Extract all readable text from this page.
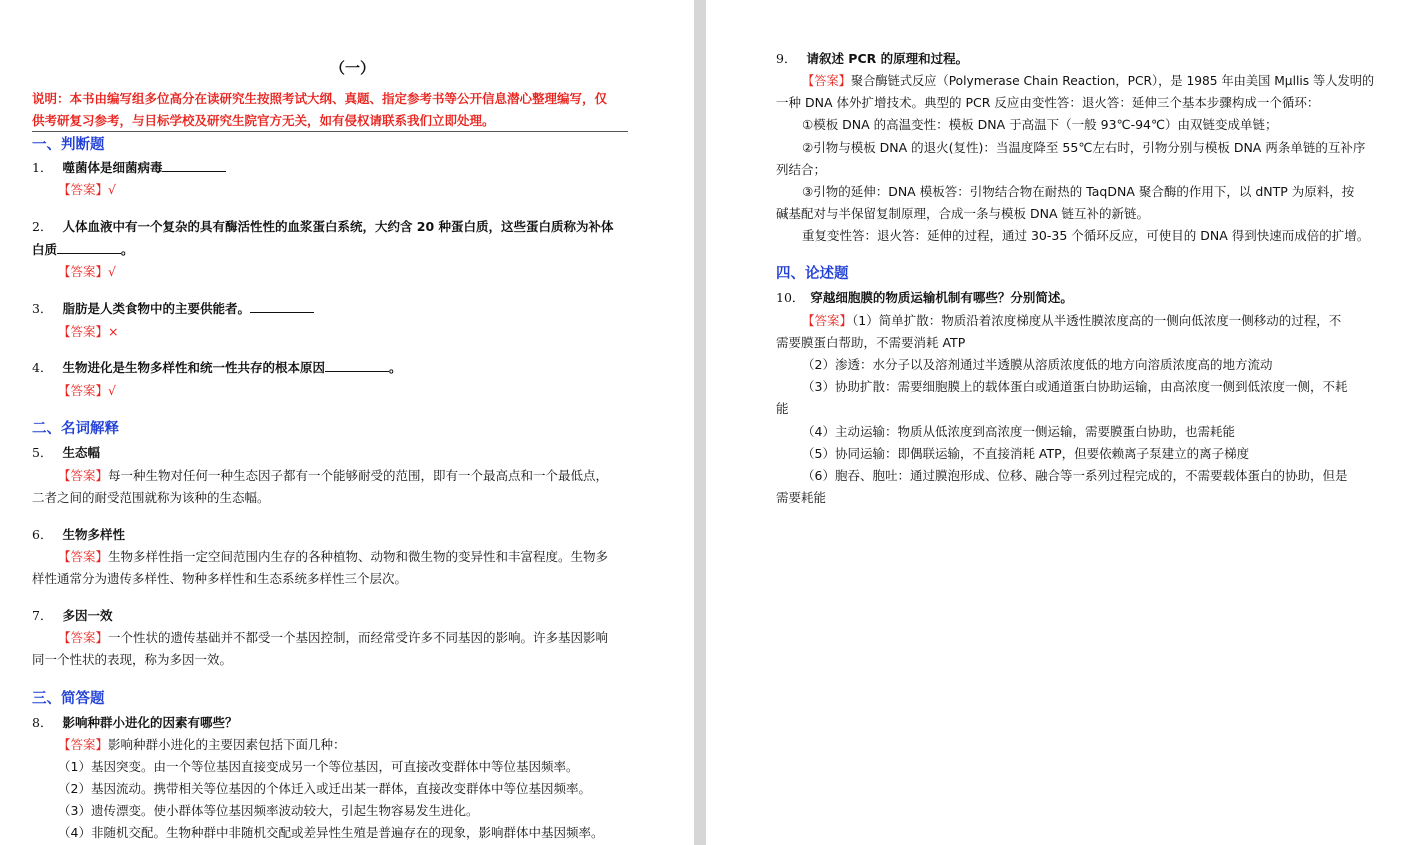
（一）
说明：本书由编写组多位高分在读研究生按照考试大纲、真题、指定参考书等公开信息潜心整理编写，仅
供考研复习参考，与目标学校及研究生院官方无关，如有侵权请联系我们立即处理。
一、判断题
1． 噬菌体是细菌病毒
【答案】√
2． 人体血液中有一个复杂的具有酶活性性的血浆蛋白系统，大约含 20 种蛋白质，这些蛋白质称为补体
白质	。
【答案】√
3． 脂肪是人类食物中的主要供能者。
【答案】×
4． 生物进化是生物多样性和统一性共存的根本原因	。
【答案】√
二、名词解释
5． 生态幅
【答案】每一种生物对任何一种生态因子都有一个能够耐受的范围，即有一个最高点和一个最低点，
二者之间的耐受范围就称为该种的生态幅。
6． 生物多样性
【答案】生物多样性指一定空间范围内生存的各种植物、动物和微生物的变异性和丰富程度。生物多
样性通常分为遗传多样性、物种多样性和生态系统多样性三个层次。
7． 多因一效
【答案】一个性状的遗传基础并不都受一个基因控制，而经常受许多不同基因的影响。许多基因影响
同一个性状的表现，称为多因一效。
三、简答题
8． 影响种群小进化的因素有哪些？
【答案】影响种群小进化的主要因素包括下面几种：
（1）基因突变。由一个等位基因直接变成另一个等位基因，可直接改变群体中等位基因频率。
（2）基因流动。携带相关等位基因的个体迁入或迁出某一群体，直接改变群体中等位基因频率。
（3）遗传漂变。使小群体等位基因频率波动较大，引起生物容易发生进化。
（4）非随机交配。生物种群中非随机交配或差异性生殖是普遍存在的现象，影响群体中基因频率。
9． 请叙述 PCR 的原理和过程。
【答案】聚合酶链式反应（Polymerase Chain Reaction，PCR），是 1985 年由美国 Mμllis 等人发明的
一种 DNA 体外扩增技术。典型的 PCR 反应由变性答：退火答：延伸三个基本步骤构成一个循环：
①模板 DNA 的高温变性：模板 DNA 于高温下（一般 93℃-94℃）由双链变成单链；
②引物与模板 DNA 的退火(复性)：当温度降至 55℃左右时，引物分别与模板 DNA 两条单链的互补序
列结合；
③引物的延伸：DNA 模板答：引物结合物在耐热的 TaqDNA 聚合酶的作用下，以 dNTP 为原料，按
碱基配对与半保留复制原理，合成一条与模板 DNA 链互补的新链。
重复变性答：退火答：延伸的过程，通过 30-35 个循环反应，可使目的 DNA 得到快速而成倍的扩增。
四、论述题
10． 穿越细胞膜的物质运输机制有哪些？分别简述。
【答案】（1）简单扩散：物质沿着浓度梯度从半透性膜浓度高的一侧向低浓度一侧移动的过程，不
需要膜蛋白帮助，不需要消耗 ATP
（2）渗透：水分子以及溶剂通过半透膜从溶质浓度低的地方向溶质浓度高的地方流动
（3）协助扩散：需要细胞膜上的载体蛋白或通道蛋白协助运输，由高浓度一侧到低浓度一侧，不耗
能
（4）主动运输：物质从低浓度到高浓度一侧运输，需要膜蛋白协助，也需耗能
（5）协同运输：即偶联运输，不直接消耗 ATP，但要依赖离子泵建立的离子梯度
（6）胞吞、胞吐：通过膜泡形成、位移、融合等一系列过程完成的，不需要载体蛋白的协助，但是
需要耗能
